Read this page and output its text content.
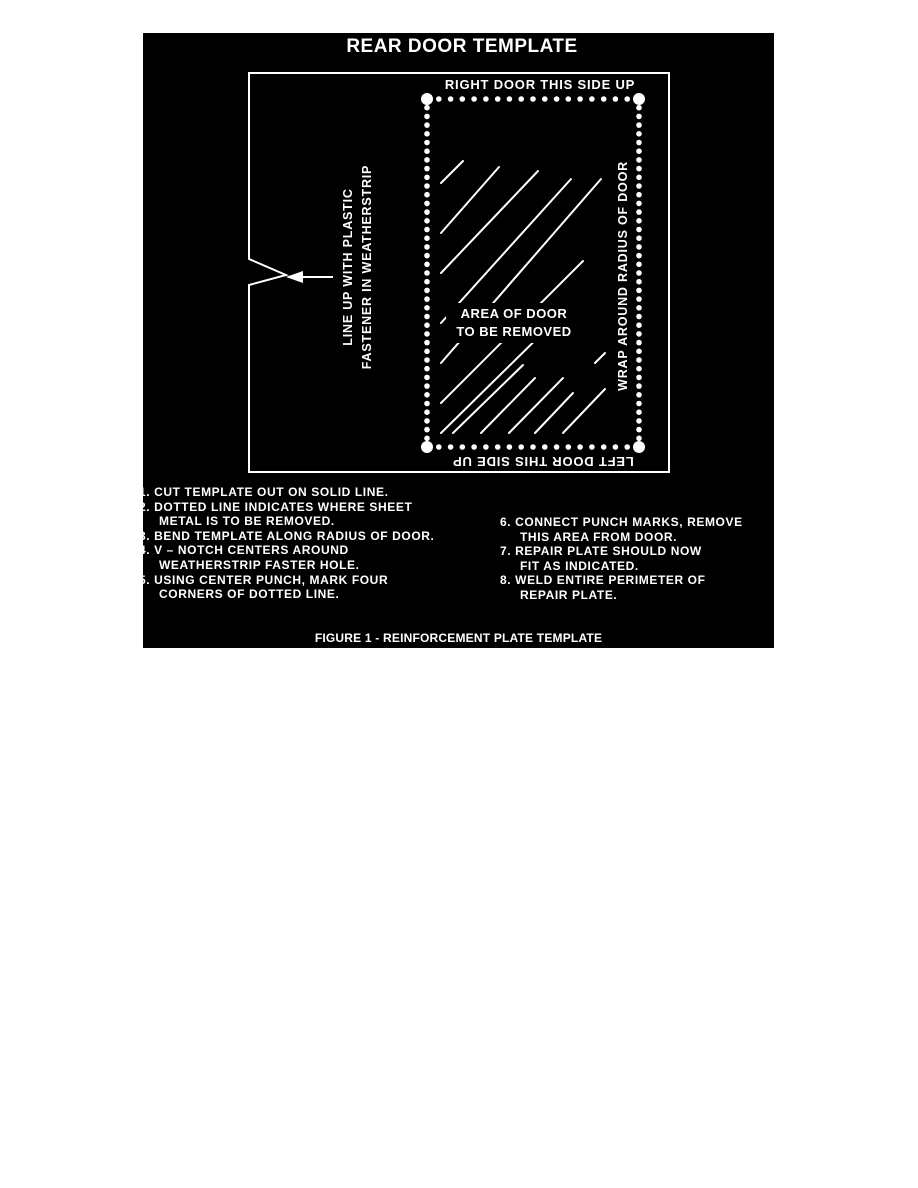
REAR DOOR TEMPLATE
RIGHT DOOR THIS SIDE UP
LEFT DOOR THIS SIDE UP
AREA OF DOOR
TO BE REMOVED	WRAP AROUND RADIUS OF DOOR
LINE UP WITH PLASTIC FASTENER IN WEATHERSTRIP
1. CUT TEMPLATE OUT ON SOLID LINE.
2. DOTTED LINE INDICATES WHERE SHEET
METAL IS TO BE REMOVED.
3. BEND TEMPLATE ALONG RADIUS OF DOOR.
4. V – NOTCH CENTERS AROUND
WEATHERSTRIP FASTER HOLE.
5. USING CENTER PUNCH, MARK FOUR
CORNERS OF DOTTED LINE.
6. CONNECT PUNCH MARKS, REMOVE
THIS AREA FROM DOOR.
7. REPAIR PLATE SHOULD NOW
FIT AS INDICATED.
8. WELD ENTIRE PERIMETER OF
REPAIR PLATE.
FIGURE 1 - REINFORCEMENT PLATE TEMPLATE
